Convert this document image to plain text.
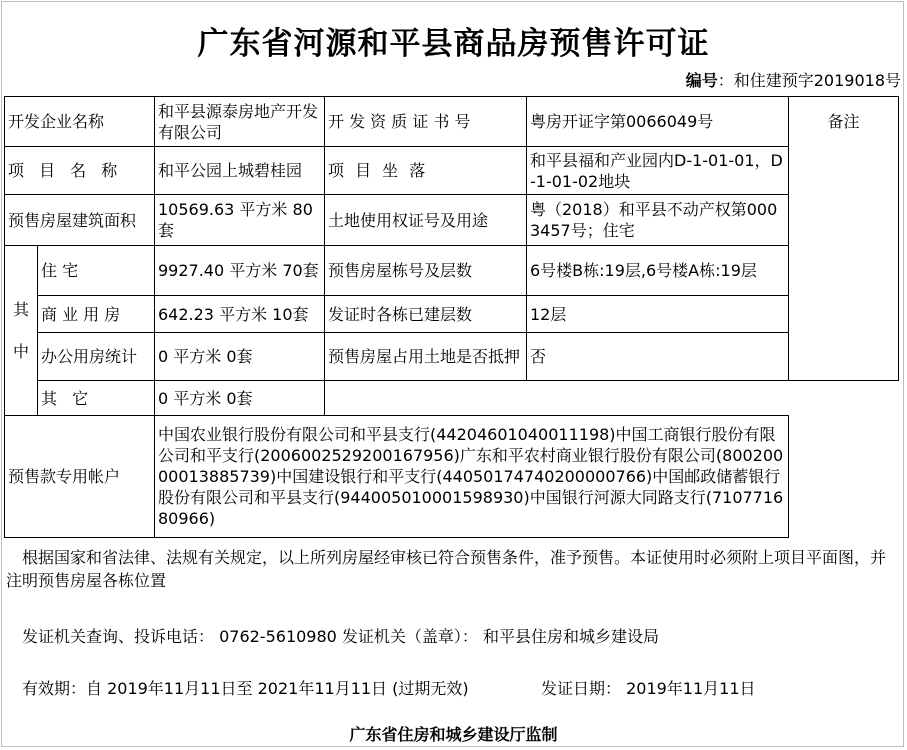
广东省河源和平县商品房预售许可证
编号：和住建预字2019018号
开发企业名称		和平县源泰房地产开发有限公司	开 发 资 质 证 书 号	粤房开证字第0066049号	备注
项 目 名 称		和平公园上城碧桂园	项 目 坐 落	和平县福和产业园内D-1-01-01，D-1-01-02地块	
预售房屋建筑面积		10569.63 平方米 80套	土地使用权证号及用途	粤（2018）和平县不动产权第0003457号；住宅	
其
中	住 宅	9927.40 平方米 70套	预售房屋栋号及层数	6号楼B栋:19层,6号楼A栋:19层	
	商 业 用 房	642.23 平方米 10套	发证时各栋已建层数	12层	
	办公用房统计	0 平方米 0套	预售房屋占用土地是否抵押	否	
	其 它	0 平方米 0套			
预售款专用帐户		中国农业银行股份有限公司和平县支行(44204601040011198)中国工商银行股份有限公司和平支行(2006002529200167956)广东和平农村商业银行股份有限公司(80020000013885739)中国建设银行和平支行(44050174740200000766)中国邮政储蓄银行股份有限公司和平县支行(944005010001598930)中国银行河源大同路支行(710771680966)			
根据国家和省法律、法规有关规定，以上所列房屋经审核已符合预售条件，准予预售。本证使用时必须附上项目平面图，并注明预售房屋各栋位置
发证机关查询、投诉电话： 0762-5610980 发证机关（盖章）： 和平县住房和城乡建设局
有效期：自 2019年11月11日至 2021年11月11日 (过期无效)	发证日期： 2019年11月11日
广东省住房和城乡建设厅监制
